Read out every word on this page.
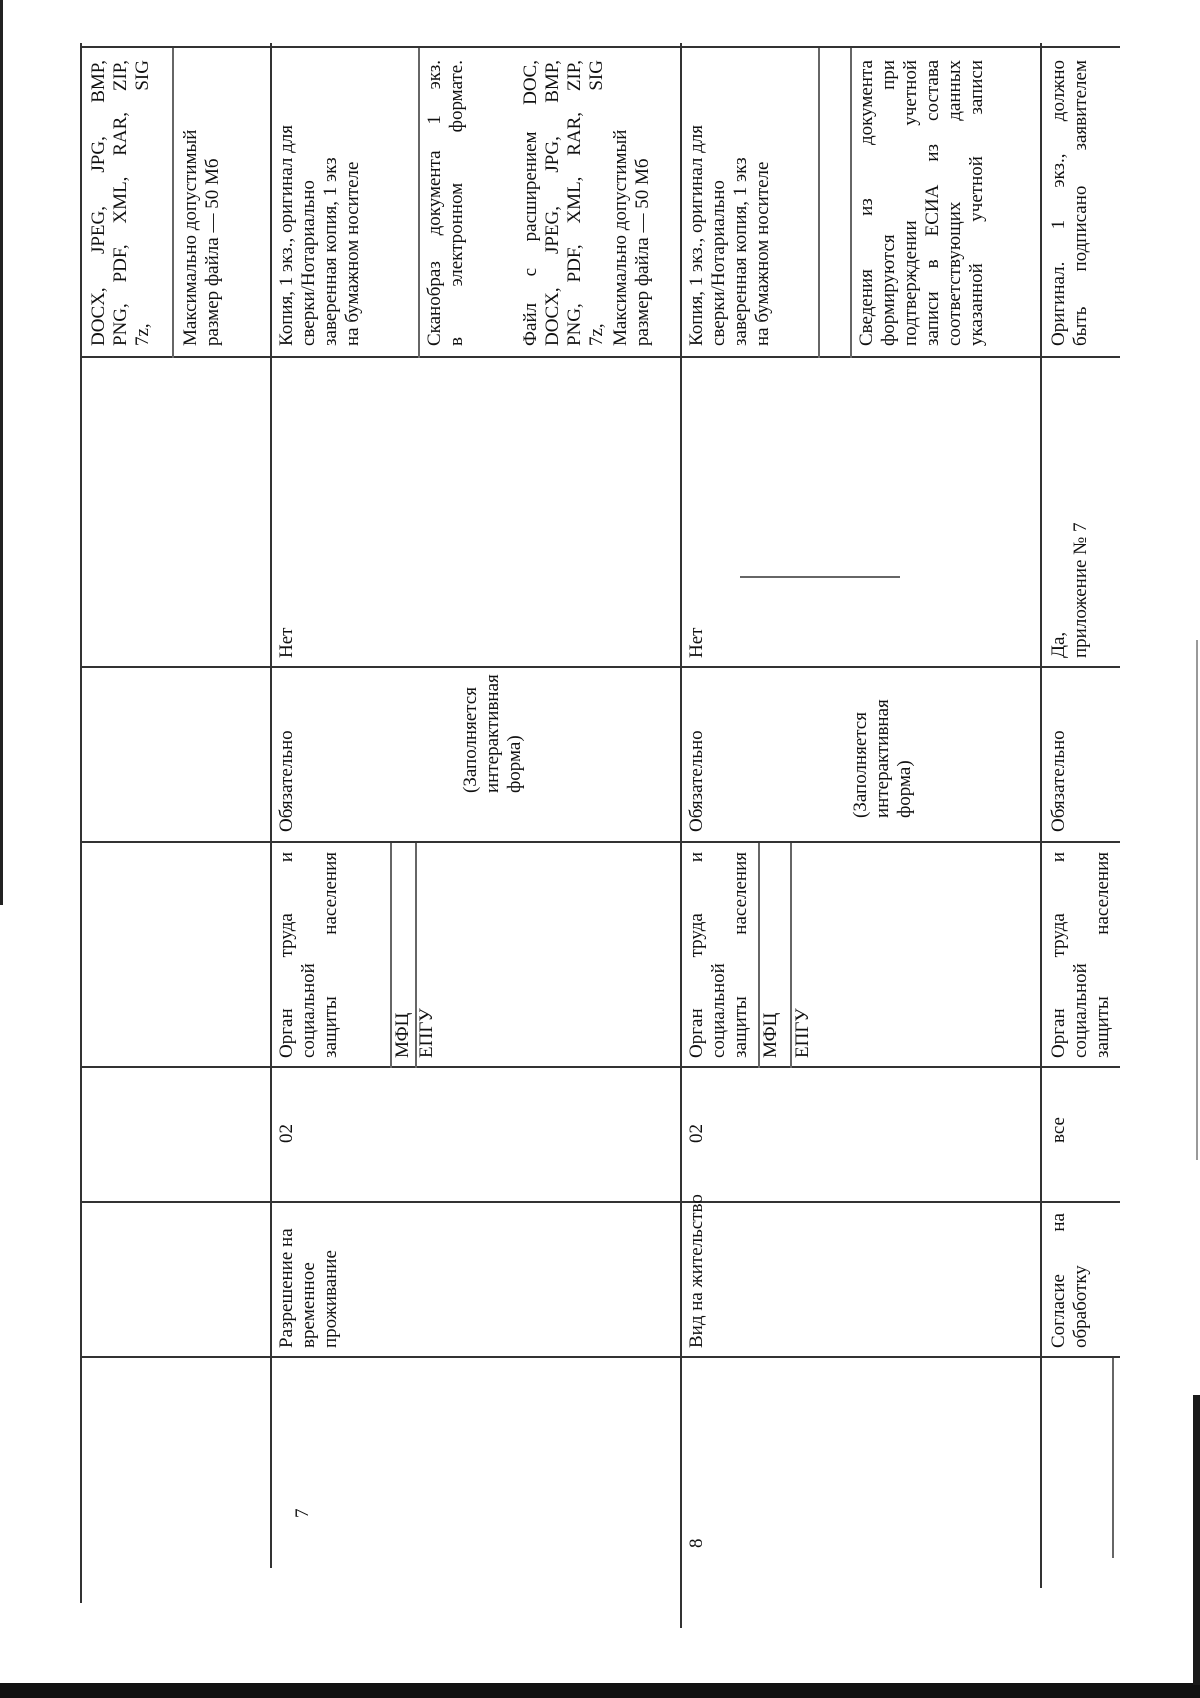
DOCX, JPEG, JPG, BMP,
PNG, PDF, XML, RAR, ZIP,
7z, SIG

Максимально допустимый
размер файла — 50 Мб

7

Разрешение на
временное
проживание

02

Орган труда и социальной
защиты населения

МФЦ ЕПГУ

Обязательно	(Заполняется
интерактивная
форма)

Нет

Копия, 1 экз., оригинал для
сверки/Нотариально
заверенная копия, 1 экз
на бумажном носителе

Сканобраз документа 1 экз.
в электронном формате.

Файл с расширением DOC,
DOCX, JPEG, JPG, BMP,
PNG, PDF, XML, RAR, ZIP,
7z, SIG

Максимально допустимый
размер файла — 50 Мб

8

Вид на жительство

02

Орган труда и социальной
защиты населения

МФЦ ЕПГУ

Обязательно	(Заполняется
интерактивная
форма)

Нет

Копия, 1 экз., оригинал для
сверки/Нотариально
заверенная копия, 1 экз
на бумажном носителе

Сведения из документа
формируются при
подтверждении учетной
записи в ЕСИА из состава
соответствующих данных
указанной учетной записи

Согласие на
обработку

все

Орган труда и социальной
защиты населения

Обязательно

Да,
приложение № 7

Оригинал. 1 экз., должно
быть подписано заявителем
